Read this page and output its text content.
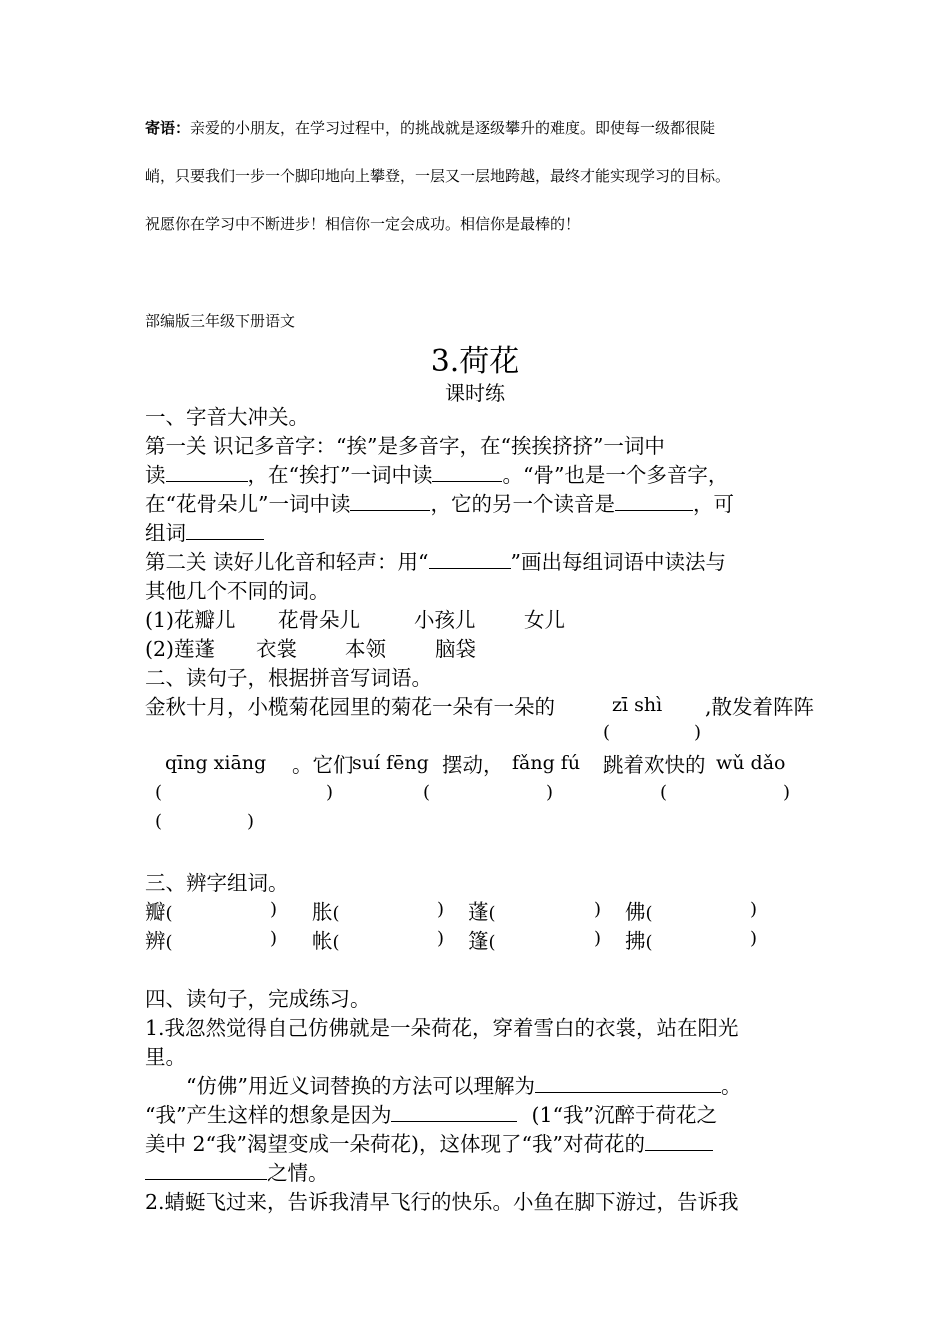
寄语：亲爱的小朋友，在学习过程中，的挑战就是逐级攀升的难度。即使每一级都很陡
峭，只要我们一步一个脚印地向上攀登，一层又一层地跨越，最终才能实现学习的目标。
祝愿你在学习中不断进步！相信你一定会成功。相信你是最棒的！
部编版三年级下册语文
3.荷花
课时练
一、字音大冲关。
第一关 识记多音字：“挨”是多音字，在“挨挨挤挤”一词中
读	，在“挨打”一词中读	。“骨”也是一个多音字，
在“花骨朵儿”一词中读	，它的另一个读音是	，可
组词
第二关 读好儿化音和轻声：用“	”画出每组词语中读法与
其他几个不同的词。
(1)花瓣儿 花骨朵儿	小孩儿 女儿
(2)莲蓬 衣裳 本领 脑袋
二、读句子，根据拼音写词语。
金秋十月，小榄菊花园里的菊花一朵有一朵的	zī shì ,散发着阵阵
(	)
qīng xiāng 。它们
suí fēng 摆动， fǎng fú 跳着欢快的 wǔ dǎo
(	)	(	)	(	)
(	)
三、辨字组词。
瓣(	) 胀(	) 蓬(	) 佛(	)
辨(	) 帐(	) 篷(	) 拂(	)
四、读句子，完成练习。
1.我忽然觉得自己仿佛就是一朵荷花，穿着雪白的衣裳，站在阳光
里。
“仿佛”用近义词替换的方法可以理解为	。
“我”产生这样的想象是因为	(1“我”沉醉于荷花之
美中 2“我”渴望变成一朵荷花)，这体现了“我”对荷花的
之情。
2.蜻蜓飞过来，告诉我清早飞行的快乐。小鱼在脚下游过，告诉我
